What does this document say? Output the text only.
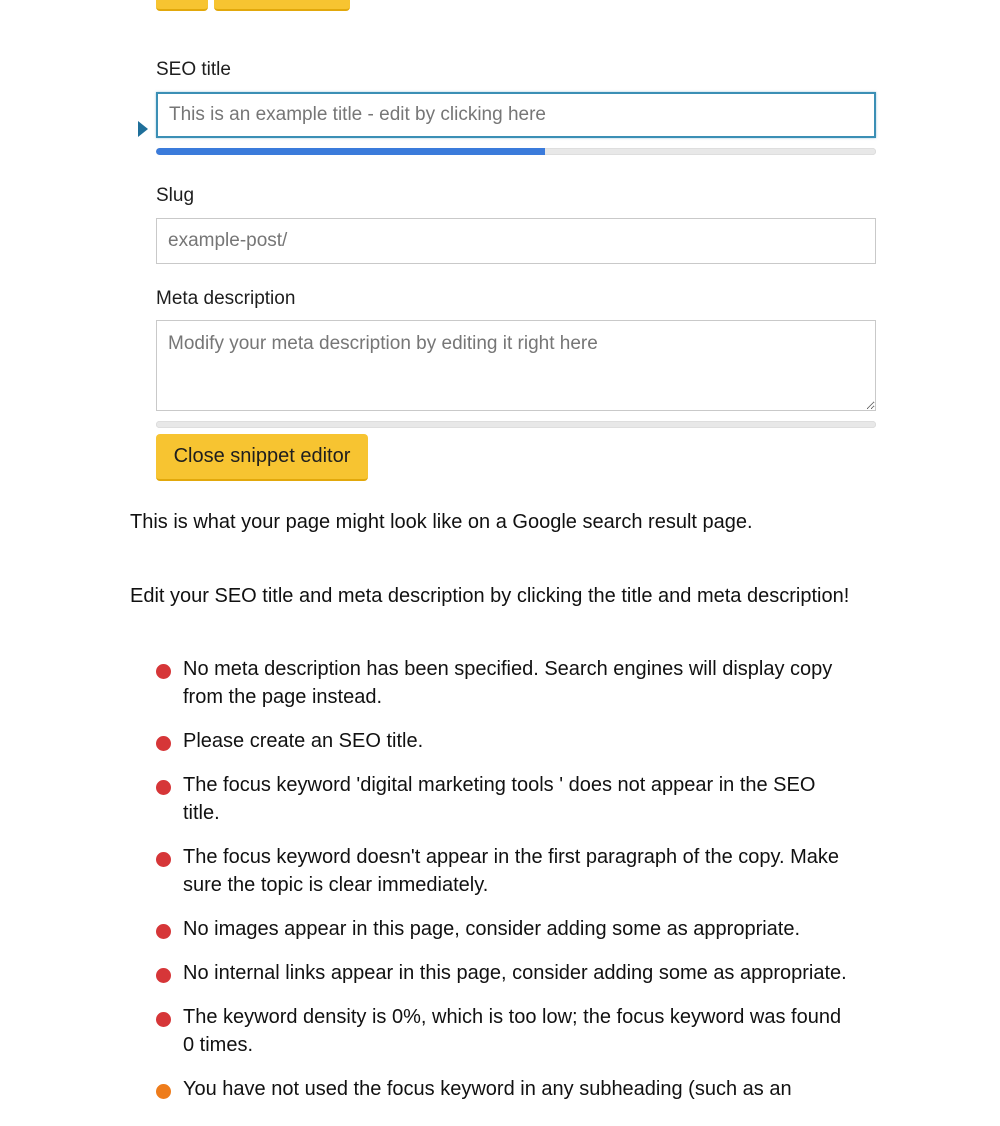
SEO title
This is an example title - edit by clicking here
Slug
example-post/
Meta description
Modify your meta description by editing it right here
Close snippet editor
This is what your page might look like on a Google search result page.
Edit your SEO title and meta description by clicking the title and meta description!
No meta description has been specified. Search engines will display copy from the page instead.
Please create an SEO title.
The focus keyword 'digital marketing tools ' does not appear in the SEO title.
The focus keyword doesn't appear in the first paragraph of the copy. Make sure the topic is clear immediately.
No images appear in this page, consider adding some as appropriate.
No internal links appear in this page, consider adding some as appropriate.
The keyword density is 0%, which is too low; the focus keyword was found 0 times.
You have not used the focus keyword in any subheading (such as an
